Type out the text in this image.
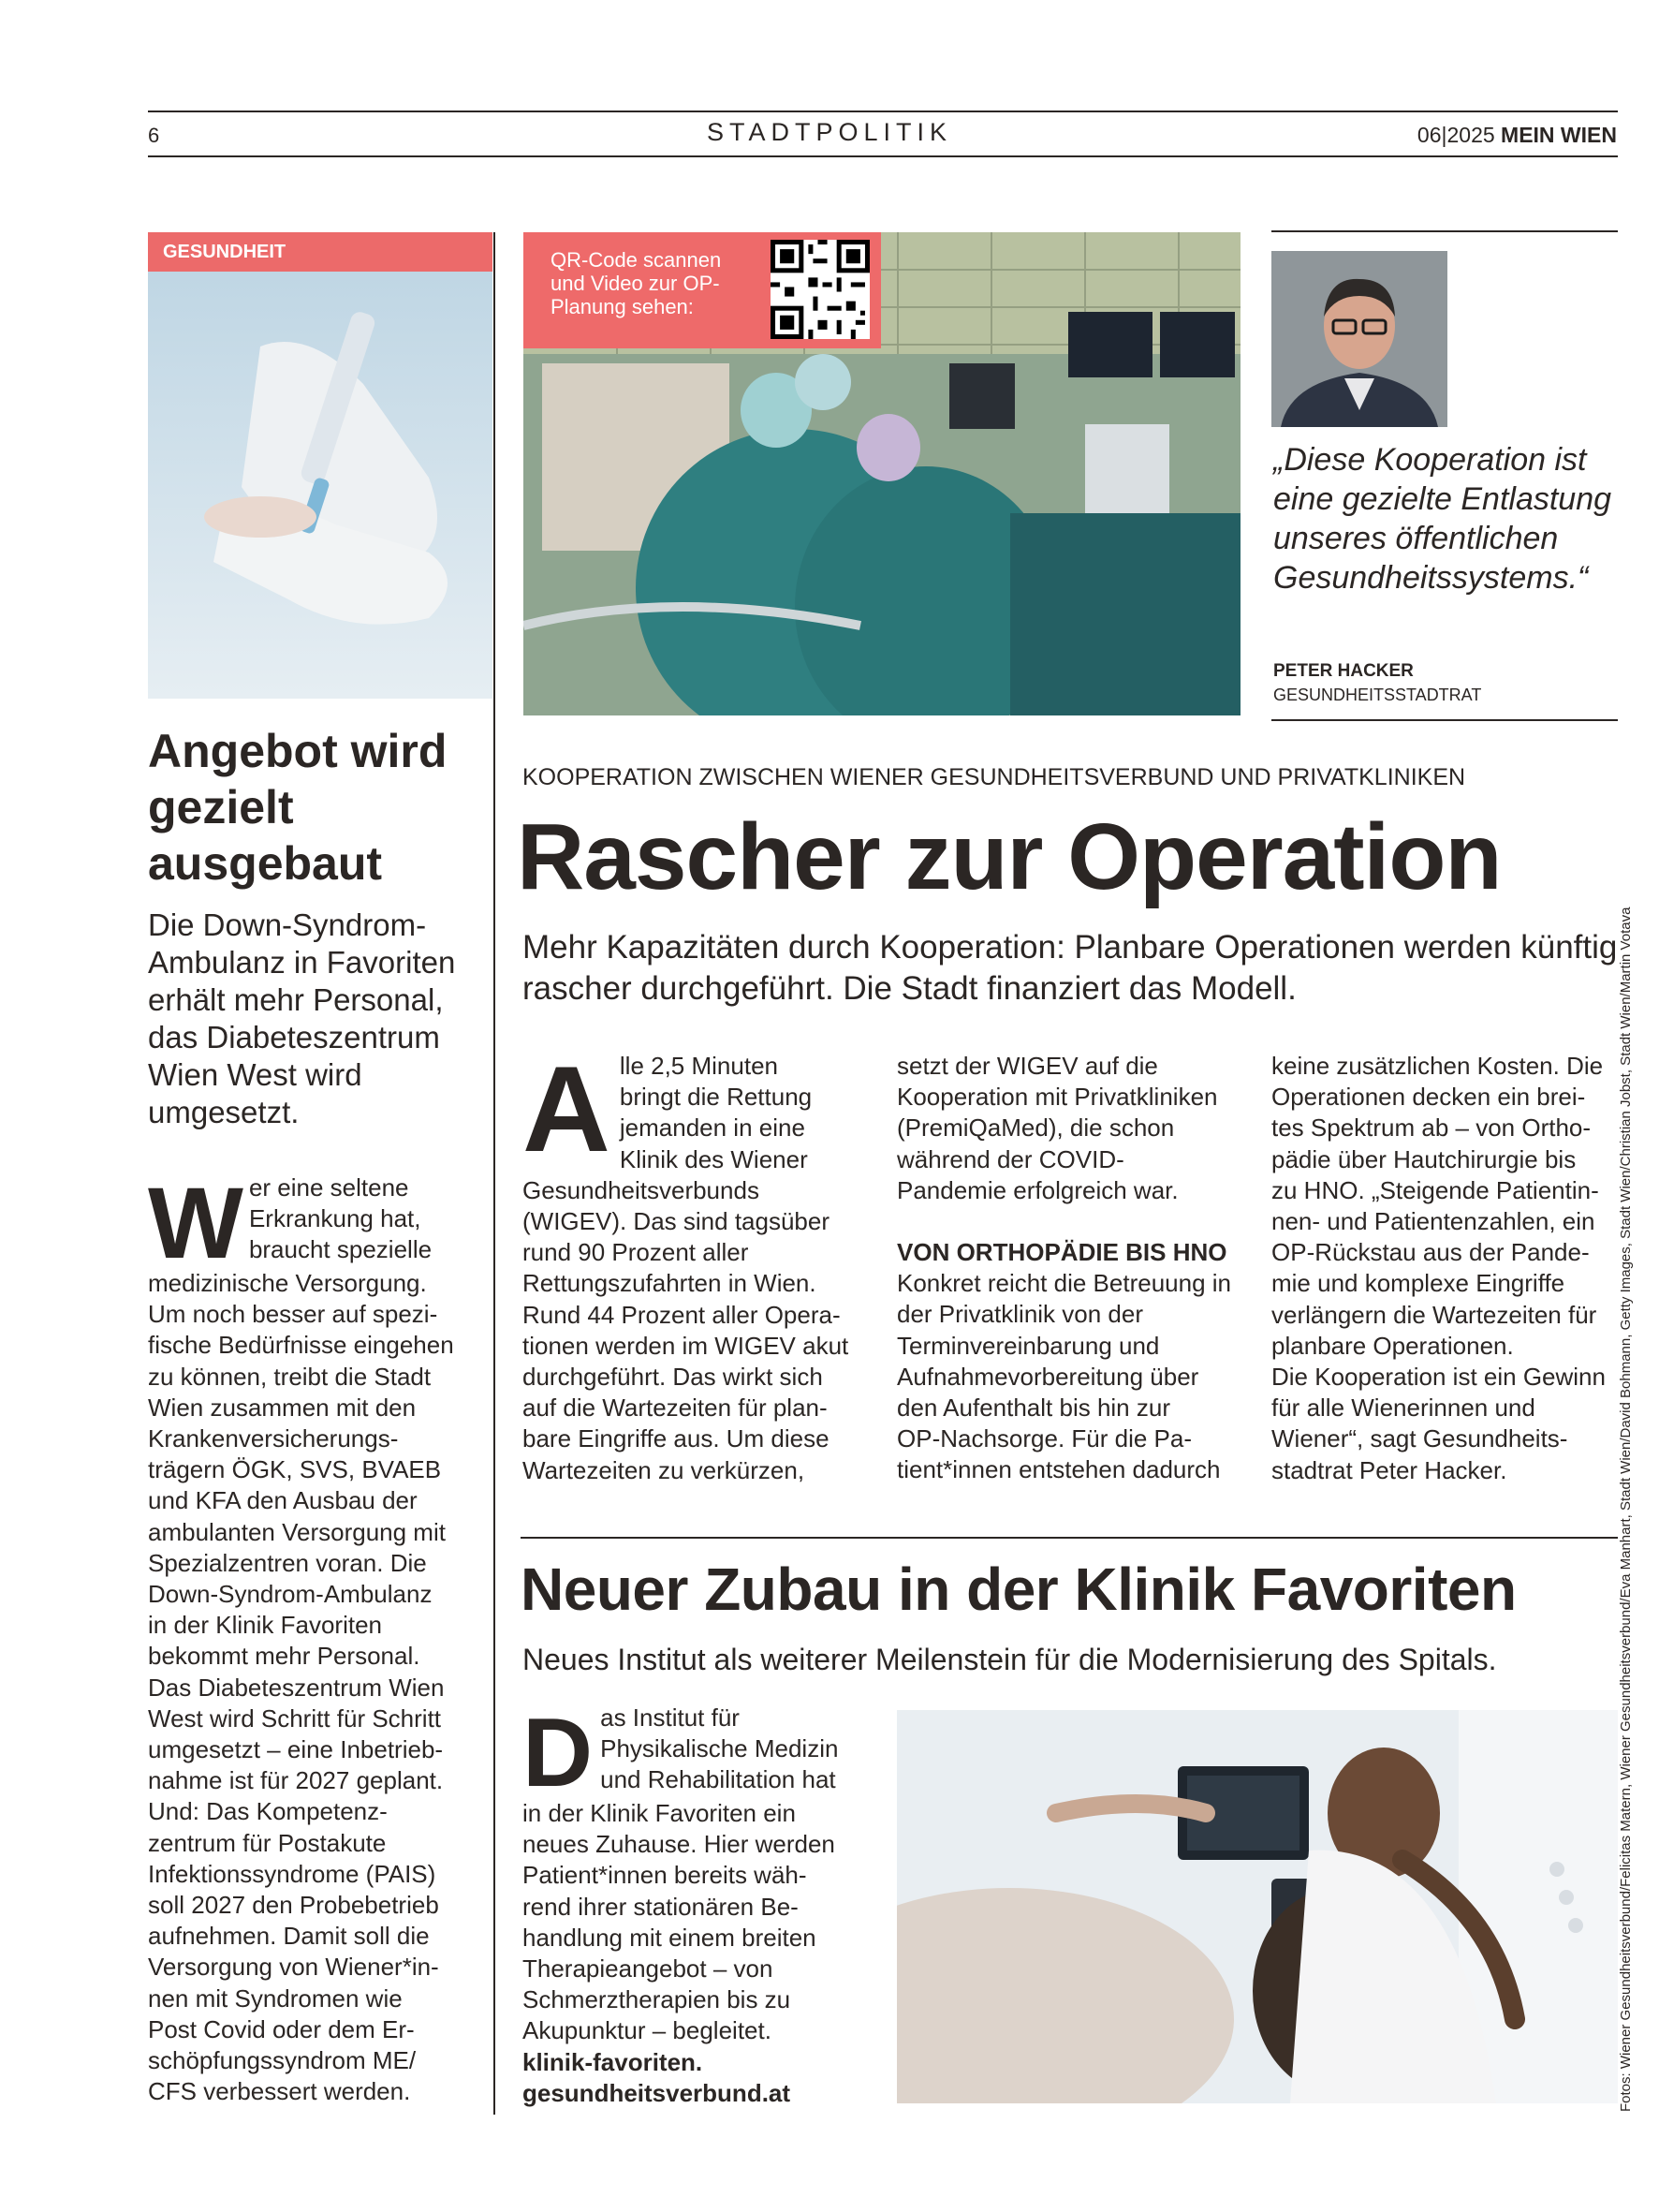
6	STADTPOLITIK	06|2025 MEIN WIEN
GESUNDHEIT
Angebot wird gezielt ausgebaut
Die Down-Syndrom-Ambulanz in Favoriten erhält mehr Personal, das Diabeteszentrum Wien West wird umgesetzt.
W er eine seltene
Erkrankung hat,
braucht spezielle
medizinische Versorgung.
Um noch besser auf spezi-
fische Bedürfnisse eingehen
zu können, treibt die Stadt
Wien zusammen mit den
Krankenversicherungs-
trägern ÖGK, SVS, BVAEB
und KFA den Ausbau der
ambulanten Versorgung mit
Spezialzentren voran. Die
Down-Syndrom-Ambulanz
in der Klinik Favoriten
bekommt mehr Personal.
Das Diabeteszentrum Wien
West wird Schritt für Schritt
umgesetzt – eine Inbetrieb-
nahme ist für 2027 geplant.
Und: Das Kompetenz-
zentrum für Postakute
Infektionssyndrome (PAIS)
soll 2027 den Probebetrieb
aufnehmen. Damit soll die
Versorgung von Wiener*in-
nen mit Syndromen wie
Post Covid oder dem Er-
schöpfungssyndrom ME/
CFS verbessert werden.
QR-Code scannen und Video zur OP-Planung sehen:
„Diese Kooperation ist eine gezielte Entlastung unseres öffentlichen Gesundheitssystems.“
PETER HACKER
GESUNDHEITSSTADTRAT
KOOPERATION ZWISCHEN WIENER GESUNDHEITSVERBUND UND PRIVATKLINIKEN
Rascher zur Operation
Mehr Kapazitäten durch Kooperation: Planbare Operationen werden künftig rascher durchgeführt. Die Stadt finanziert das Modell.
A lle 2,5 Minuten
bringt die Rettung
jemanden in eine
Klinik des Wiener
Gesundheitsverbunds
(WIGEV). Das sind tagsüber
rund 90 Prozent aller
Rettungszufahrten in Wien.
Rund 44 Prozent aller Opera-
tionen werden im WIGEV akut
durchgeführt. Das wirkt sich
auf die Wartezeiten für plan-
bare Eingriffe aus. Um diese
Wartezeiten zu verkürzen,
setzt der WIGEV auf die
Kooperation mit Privatkliniken
(PremiQaMed), die schon
während der COVID-
Pandemie erfolgreich war.
VON ORTHOPÄDIE BIS HNO
Konkret reicht die Betreuung in
der Privatklinik von der
Terminvereinbarung und
Aufnahmevorbereitung über
den Aufenthalt bis hin zur
OP-Nachsorge. Für die Pa-
tient*innen entstehen dadurch
keine zusätzlichen Kosten. Die
Operationen decken ein brei-
tes Spektrum ab – von Ortho-
pädie über Hautchirurgie bis
zu HNO. „Steigende Patientin-
nen- und Patientenzahlen, ein
OP-Rückstau aus der Pande-
mie und komplexe Eingriffe
verlängern die Wartezeiten für
planbare Operationen.
Die Kooperation ist ein Gewinn
für alle Wienerinnen und
Wiener“, sagt Gesundheits-
stadtrat Peter Hacker.
Neuer Zubau in der Klinik Favoriten
Neues Institut als weiterer Meilenstein für die Modernisierung des Spitals.
D as Institut für
Physikalische Medizin
und Rehabilitation hat
in der Klinik Favoriten ein
neues Zuhause. Hier werden
Patient*innen bereits wäh-
rend ihrer stationären Be-
handlung mit einem breiten
Therapieangebot – von
Schmerztherapien bis zu
Akupunktur – begleitet.
klinik-favoriten.
gesundheitsverbund.at	Fotos: Wiener Gesundheitsverbund/Felicitas Matern, Wiener Gesundheitsverbund/Eva Manhart, Stadt Wien/David Bohmann, Getty Images, Stadt Wien/Christian Jobst, Stadt Wien/Martin Votava
